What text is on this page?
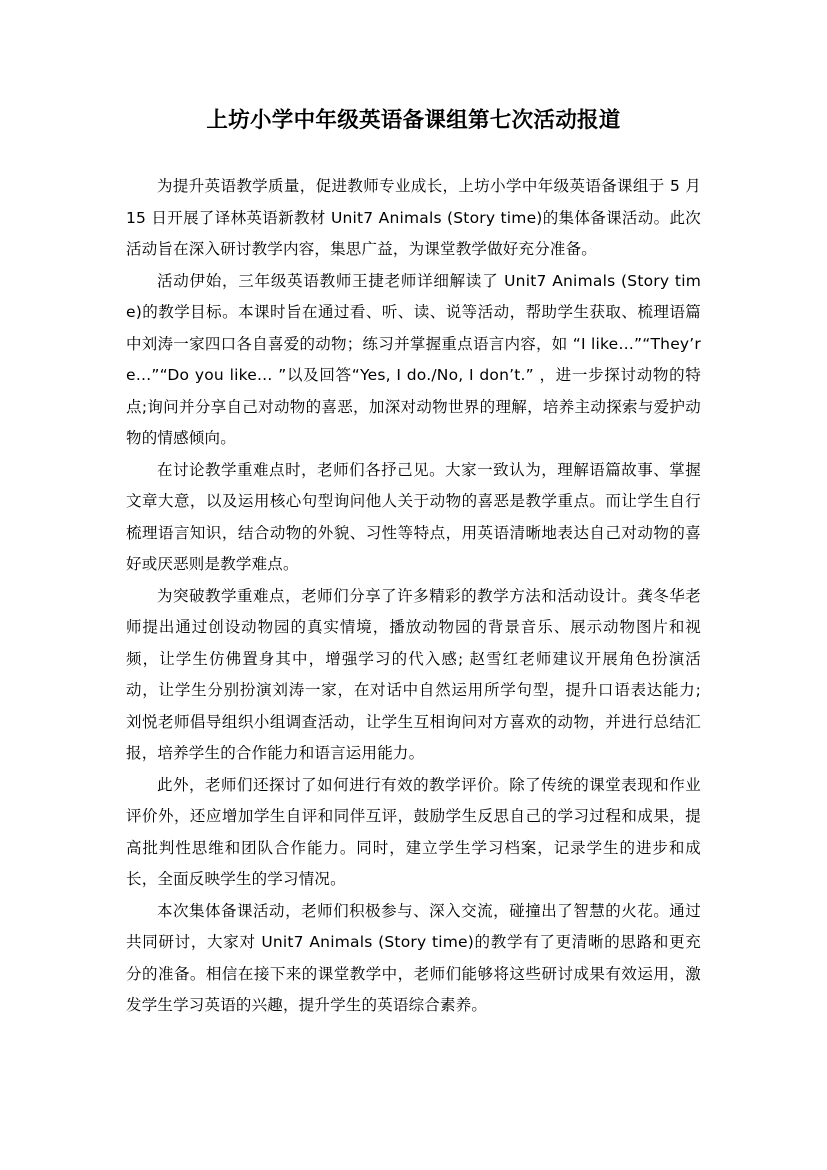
上坊小学中年级英语备课组第七次活动报道

为提升英语教学质量，促进教师专业成长，上坊小学中年级英语备课组于 5 月 15 日开展了译林英语新教材 Unit7 Animals (Story time)的集体备课活动。此次活动旨在深入研讨教学内容，集思广益，为课堂教学做好充分准备。

活动伊始，三年级英语教师王捷老师详细解读了 Unit7 Animals (Story time)的教学目标。本课时旨在通过看、听、读、说等活动，帮助学生获取、梳理语篇中刘涛一家四口各自喜爱的动物；练习并掌握重点语言内容，如 “I like…”“They’re…”“Do you like… ”以及回答“Yes, I do./No, I don’t.” ，进一步探讨动物的特点;询问并分享自己对动物的喜恶，加深对动物世界的理解，培养主动探索与爱护动物的情感倾向。

在讨论教学重难点时，老师们各抒己见。大家一致认为，理解语篇故事、掌握文章大意，以及运用核心句型询问他人关于动物的喜恶是教学重点。而让学生自行梳理语言知识，结合动物的外貌、习性等特点，用英语清晰地表达自己对动物的喜好或厌恶则是教学难点。

为突破教学重难点，老师们分享了许多精彩的教学方法和活动设计。龚冬华老师提出通过创设动物园的真实情境，播放动物园的背景音乐、展示动物图片和视频，让学生仿佛置身其中，增强学习的代入感; 赵雪红老师建议开展角色扮演活动，让学生分别扮演刘涛一家，在对话中自然运用所学句型，提升口语表达能力; 刘悦老师倡导组织小组调查活动，让学生互相询问对方喜欢的动物，并进行总结汇报，培养学生的合作能力和语言运用能力。

此外，老师们还探讨了如何进行有效的教学评价。除了传统的课堂表现和作业评价外，还应增加学生自评和同伴互评，鼓励学生反思自己的学习过程和成果，提高批判性思维和团队合作能力。同时，建立学生学习档案，记录学生的进步和成长，全面反映学生的学习情况。

本次集体备课活动，老师们积极参与、深入交流，碰撞出了智慧的火花。通过共同研讨，大家对 Unit7 Animals (Story time)的教学有了更清晰的思路和更充分的准备。相信在接下来的课堂教学中，老师们能够将这些研讨成果有效运用，激发学生学习英语的兴趣，提升学生的英语综合素养。
